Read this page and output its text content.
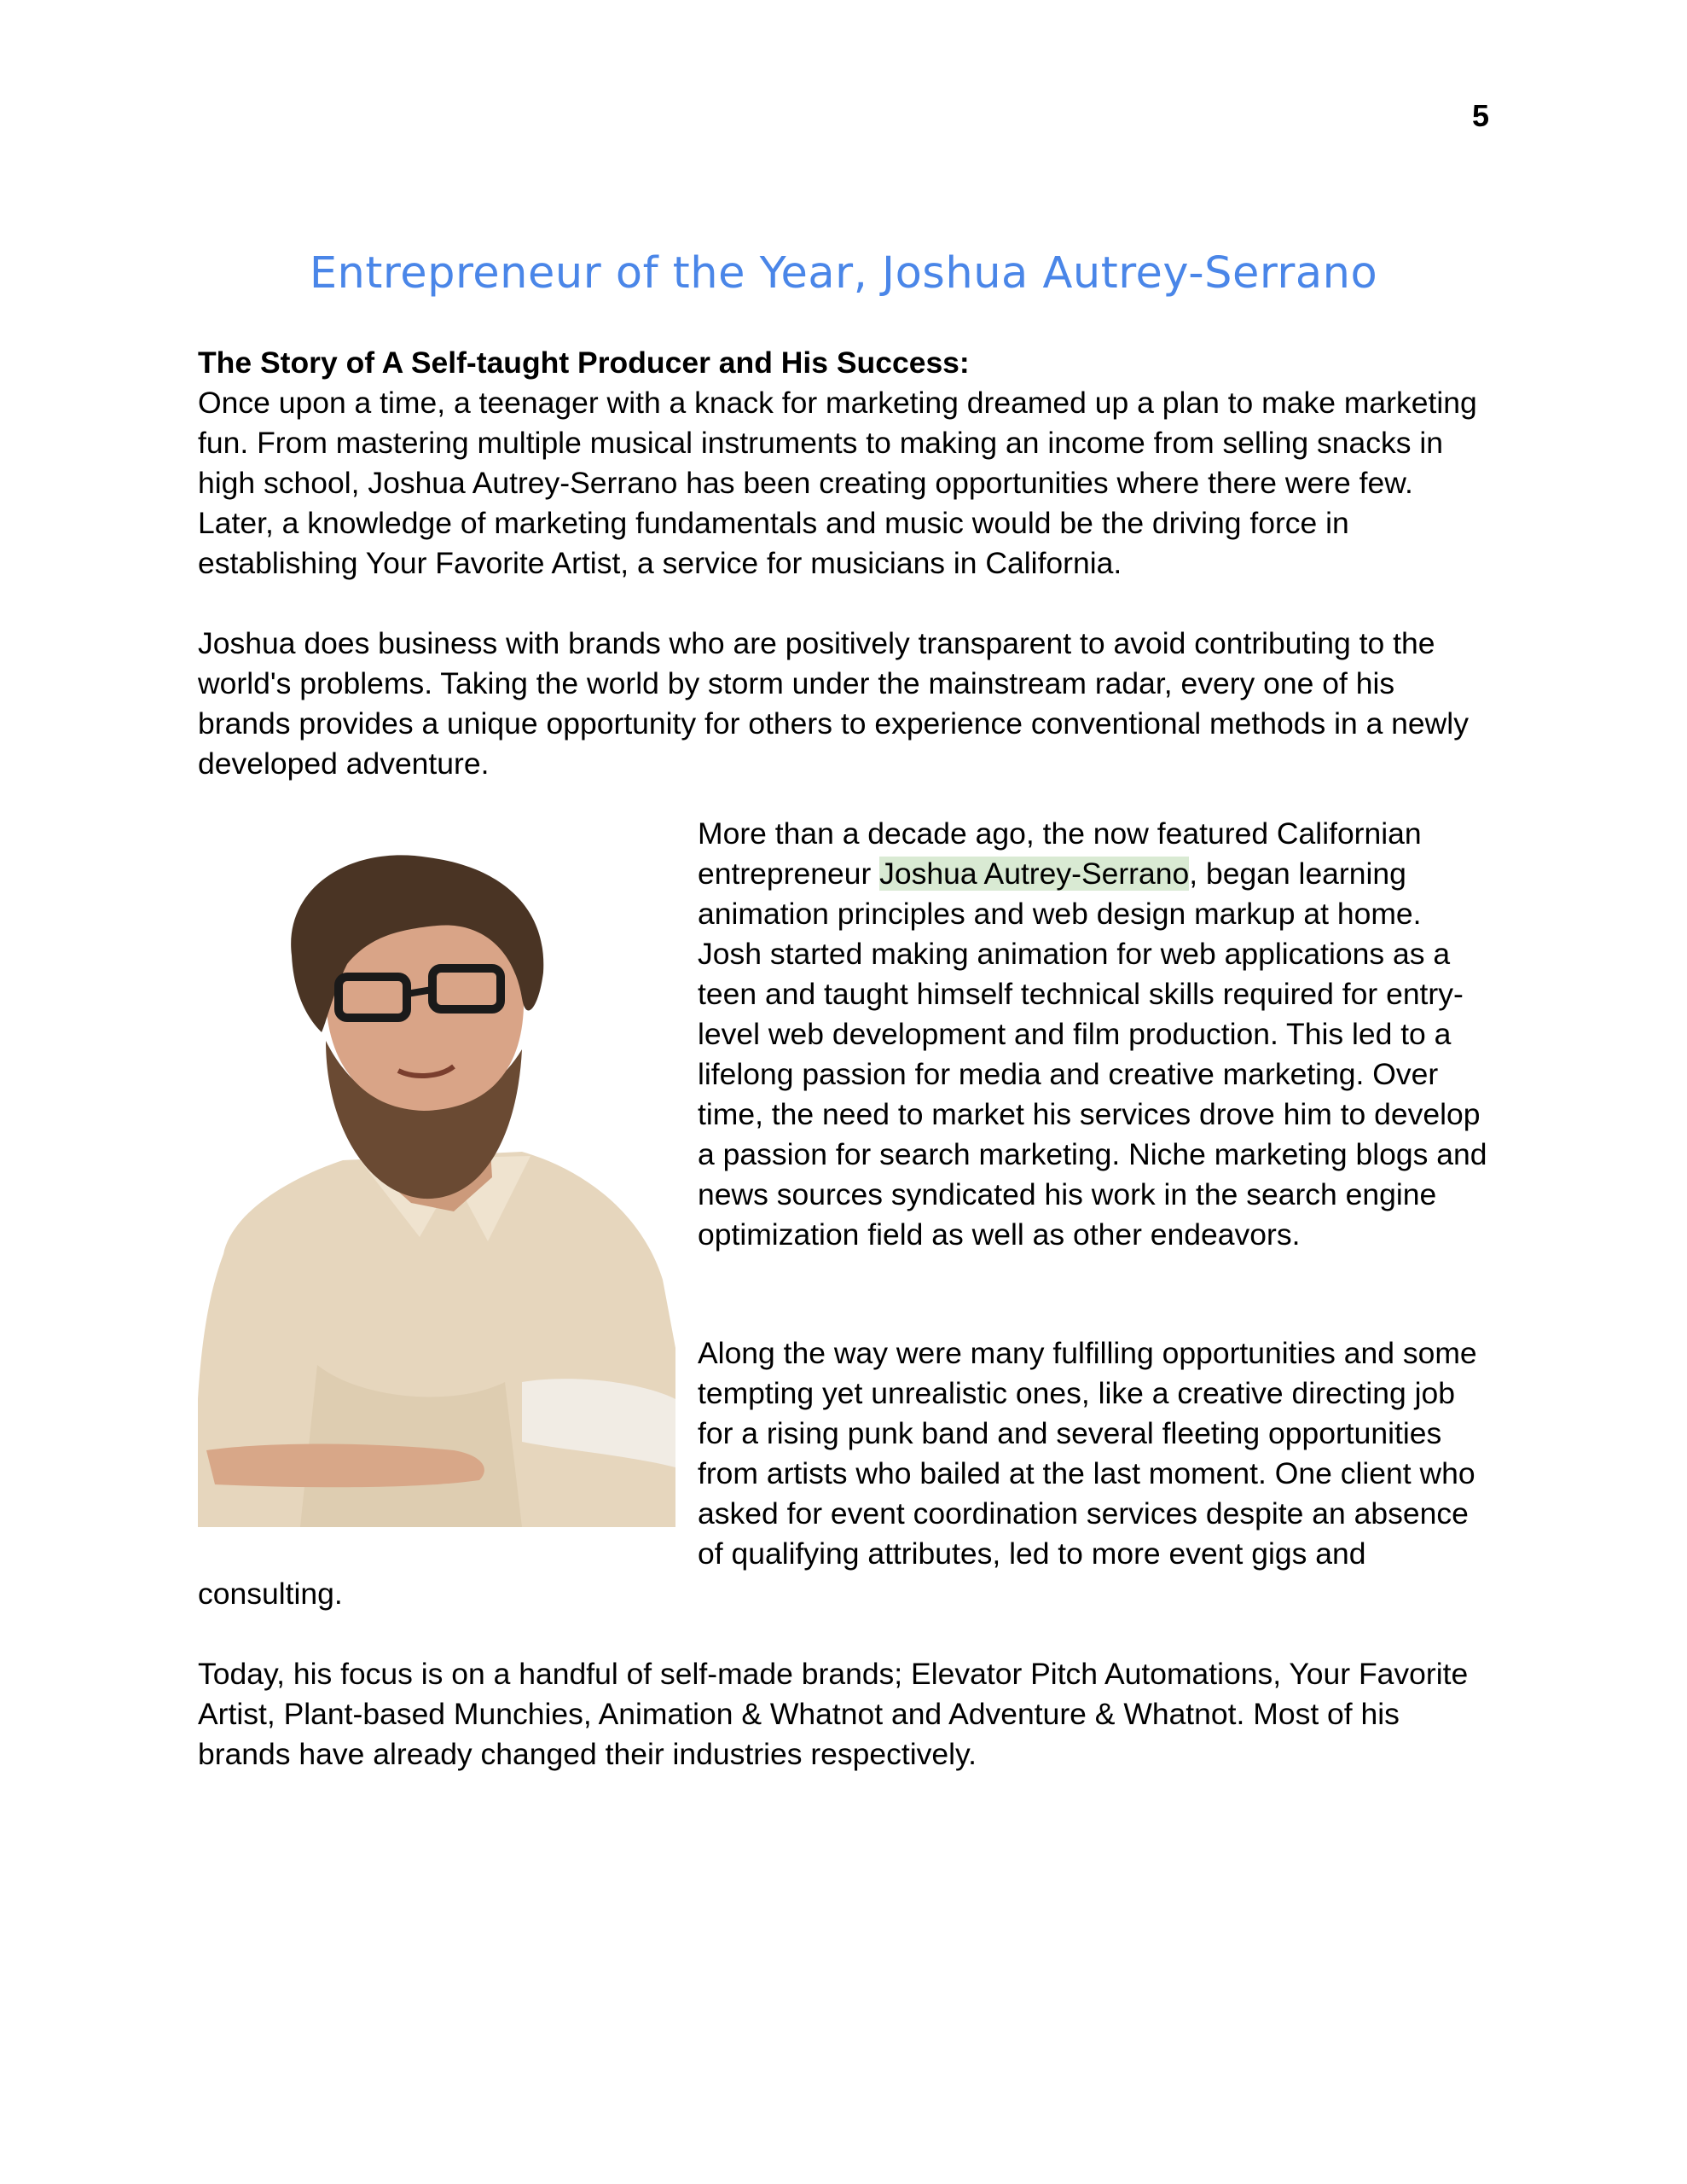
5
Entrepreneur of the Year, Joshua Autrey-Serrano

The Story of A Self-taught Producer and His Success:

Once upon a time, a teenager with a knack for marketing dreamed up a plan to make marketing fun. From mastering multiple musical instruments to making an income from selling snacks in high school, Joshua Autrey-Serrano has been creating opportunities where there were few. Later, a knowledge of marketing fundamentals and music would be the driving force in establishing Your Favorite Artist, a service for musicians in California.

Joshua does business with brands who are positively transparent to avoid contributing to the world's problems. Taking the world by storm under the mainstream radar, every one of his brands provides a unique opportunity for others to experience conventional methods in a newly developed adventure.

More than a decade ago, the now featured Californian entrepreneur Joshua Autrey-Serrano, began learning animation principles and web design markup at home. Josh started making animation for web applications as a teen and taught himself technical skills required for entry-level web development and film production. This led to a lifelong passion for media and creative marketing. Over time, the need to market his services drove him to develop a passion for search marketing. Niche marketing blogs and news sources syndicated his work in the search engine optimization field as well as other endeavors.

Along the way were many fulfilling opportunities and some tempting yet unrealistic ones, like a creative directing job for a rising punk band and several fleeting opportunities from artists who bailed at the last moment. One client who asked for event coordination services despite an absence of qualifying attributes, led to more event gigs and

consulting.

Today, his focus is on a handful of self-made brands; Elevator Pitch Automations, Your Favorite Artist, Plant-based Munchies, Animation & Whatnot and Adventure & Whatnot. Most of his brands have already changed their industries respectively.
